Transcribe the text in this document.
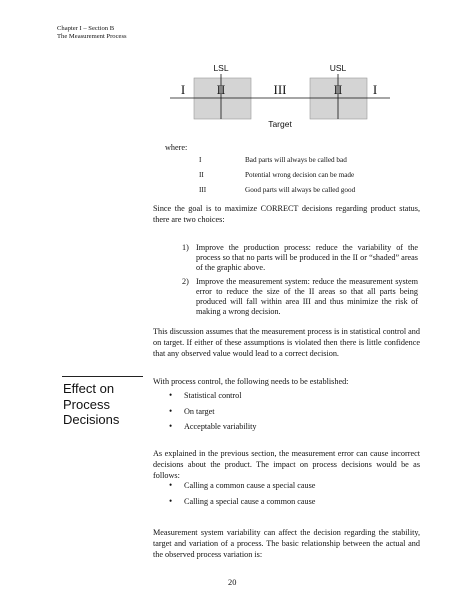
Chapter I – Section B
The Measurement Process
LSL	USL
I II	III	II I
Target
where:
I	Bad parts will always be called bad
II	Potential wrong decision can be made
III	Good parts will always be called good

Since the goal is to maximize CORRECT decisions regarding product status, there are two choices:

1) Improve the production process: reduce the variability of the process so that no parts will be produced in the II or “shaded” areas of the graphic above.
2) Improve the measurement system: reduce the measurement system error to reduce the size of the II areas so that all parts being produced will fall within area III and thus minimize the risk of making a wrong decision.

This discussion assumes that the measurement process is in statistical control and on target. If either of these assumptions is violated then there is little confidence that any observed value would lead to a correct decision.

Effect on
Process
Decisions

With process control, the following needs to be established:

• Statistical control
• On target
• Acceptable variability

As explained in the previous section, the measurement error can cause incorrect decisions about the product. The impact on process decisions would be as follows:

• Calling a common cause a special cause
• Calling a special cause a common cause

Measurement system variability can affect the decision regarding the stability, target and variation of a process. The basic relationship between the actual and the observed process variation is:

20
